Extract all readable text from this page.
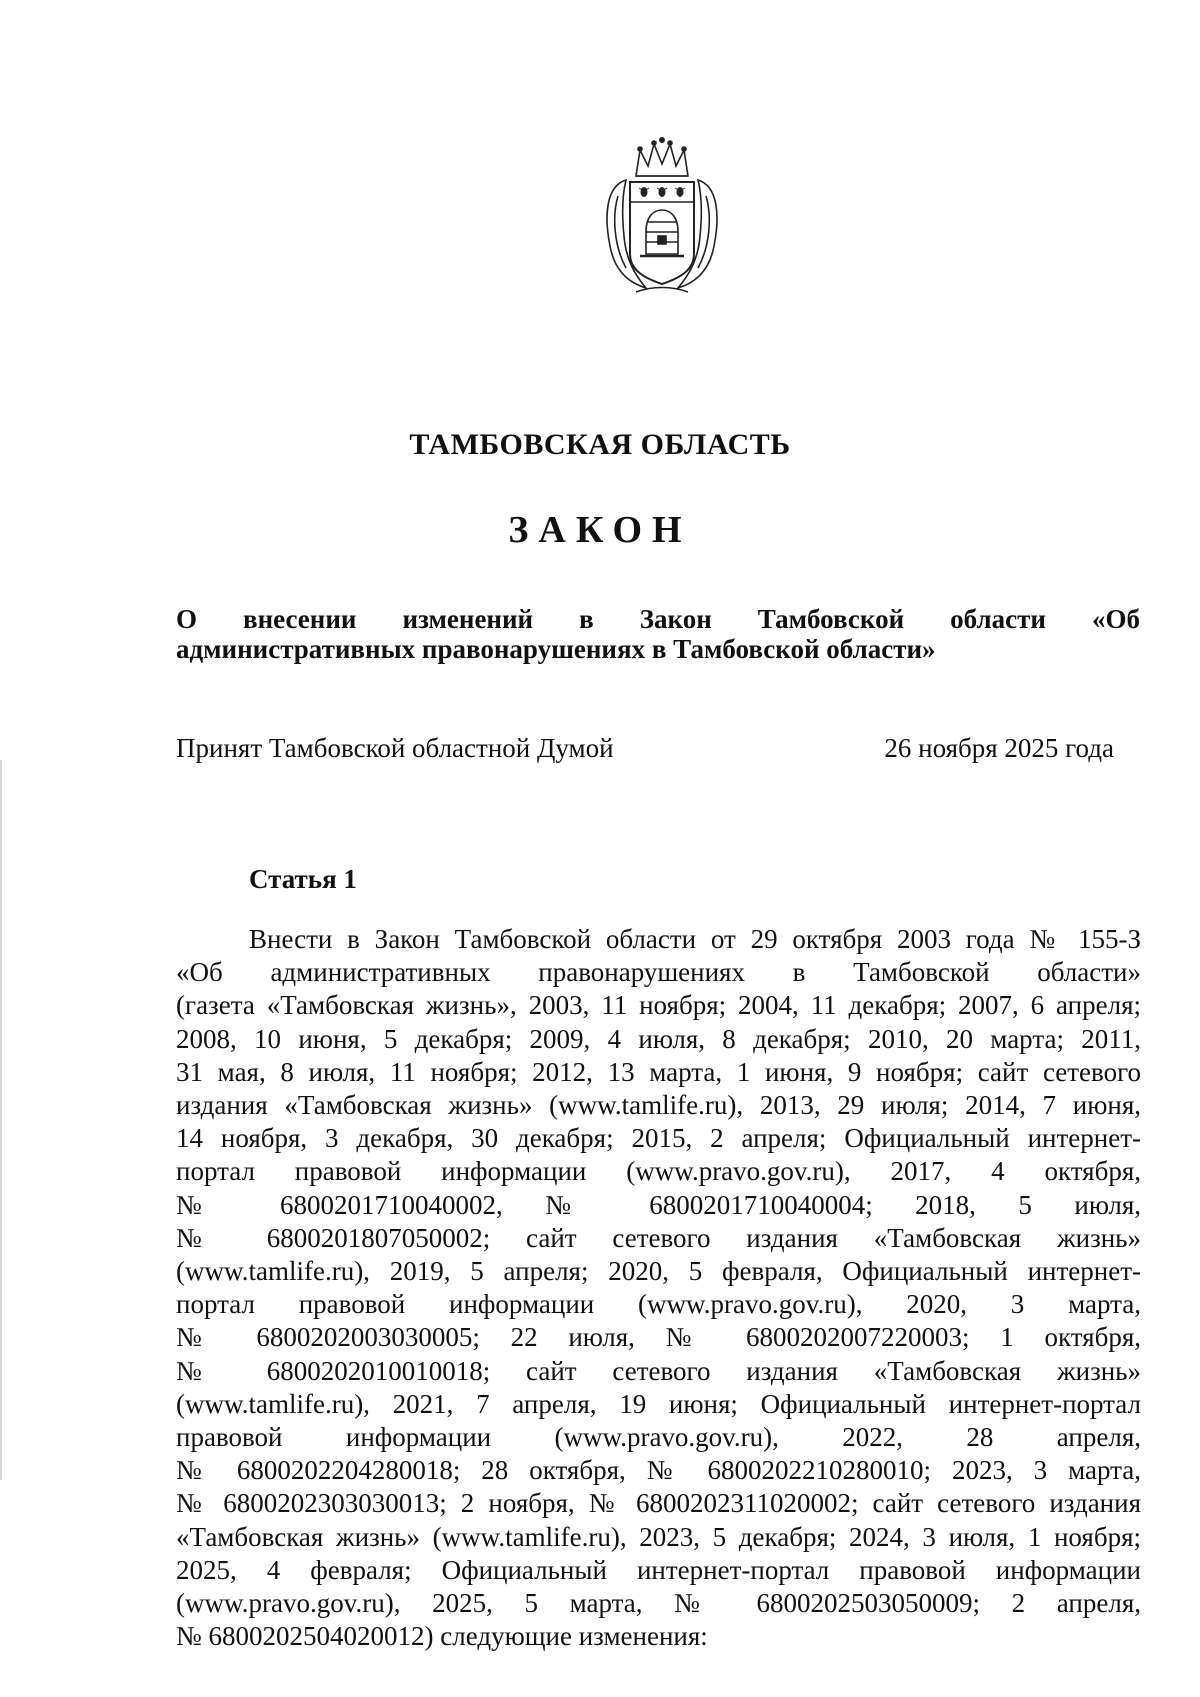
ТАМБОВСКАЯ ОБЛАСТЬ
ЗАКОН
О внесении изменений в Закон Тамбовской области «Об
административных правонарушениях в Тамбовской области»
Принят Тамбовской областной Думой	26 ноября 2025 года
Статья 1
Внести в Закон Тамбовской области от 29 октября 2003 года № 155-З
«Об административных правонарушениях в Тамбовской области»
(газета «Тамбовская жизнь», 2003, 11 ноября; 2004, 11 декабря; 2007, 6 апреля;
2008, 10 июня, 5 декабря; 2009, 4 июля, 8 декабря; 2010, 20 марта; 2011,
31 мая, 8 июля, 11 ноября; 2012, 13 марта, 1 июня, 9 ноября; сайт сетевого
издания «Тамбовская жизнь» (www.tamlife.ru), 2013, 29 июля; 2014, 7 июня,
14 ноября, 3 декабря, 30 декабря; 2015, 2 апреля; Официальный интернет-
портал правовой информации (www.pravo.gov.ru), 2017, 4 октября,
№ 6800201710040002, № 6800201710040004; 2018, 5 июля,
№ 6800201807050002; сайт сетевого издания «Тамбовская жизнь»
(www.tamlife.ru), 2019, 5 апреля; 2020, 5 февраля, Официальный интернет-
портал правовой информации (www.pravo.gov.ru), 2020, 3 марта,
№ 6800202003030005; 22 июля, № 6800202007220003; 1 октября,
№ 6800202010010018; сайт сетевого издания «Тамбовская жизнь»
(www.tamlife.ru), 2021, 7 апреля, 19 июня; Официальный интернет-портал
правовой информации (www.pravo.gov.ru), 2022, 28 апреля,
№ 6800202204280018; 28 октября, № 6800202210280010; 2023, 3 марта,
№ 6800202303030013; 2 ноября, № 6800202311020002; сайт сетевого издания
«Тамбовская жизнь» (www.tamlife.ru), 2023, 5 декабря; 2024, 3 июля, 1 ноября;
2025, 4 февраля; Официальный интернет-портал правовой информации
(www.pravo.gov.ru), 2025, 5 марта, № 6800202503050009; 2 апреля,
№ 6800202504020012) следующие изменения:
